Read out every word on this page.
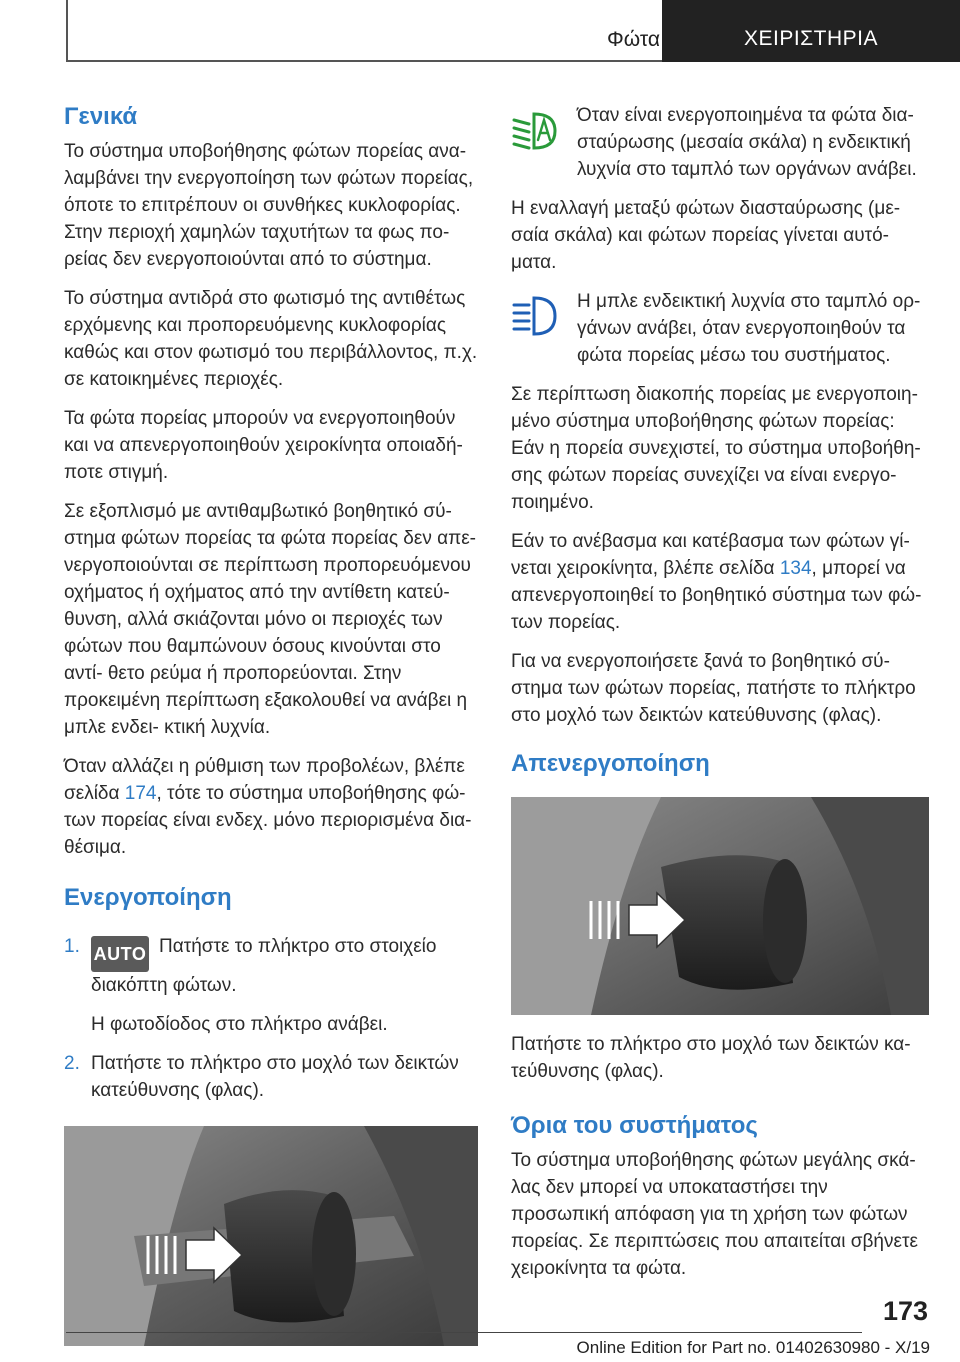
Φώτα	ΧΕΙΡΙΣΤΗΡΙΑ
Γενικά

Το σύστημα υποβοήθησης φώτων πορείας ανα- λαμβάνει την ενεργοποίηση των φώτων πορείας, όποτε το επιτρέπουν οι συνθήκες κυκλοφορίας. Στην περιοχή χαμηλών ταχυτήτων τα φως πο- ρείας δεν ενεργοποιούνται από το σύστημα.

Το σύστημα αντιδρά στο φωτισμό της αντιθέτως ερχόμενης και προπορευόμενης κυκλοφορίας καθώς και στον φωτισμό του περιβάλλοντος, π.χ. σε κατοικημένες περιοχές.

Τα φώτα πορείας μπορούν να ενεργοποιηθούν και να απενεργοποιηθούν χειροκίνητα οποιαδή- ποτε στιγμή.

Σε εξοπλισμό με αντιθαμβωτικό βοηθητικό σύ- στημα φώτων πορείας τα φώτα πορείας δεν απε- νεργοποιούνται σε περίπτωση προπορευόμενου οχήματος ή οχήματος από την αντίθετη κατεύ- θυνση, αλλά σκιάζονται μόνο οι περιοχές των φώτων που θαμπώνουν όσους κινούνται στο αντί- θετο ρεύμα ή προπορεύονται. Στην προκειμένη περίπτωση εξακολουθεί να ανάβει η μπλε ενδει- κτική λυχνία.

Όταν αλλάζει η ρύθμιση των προβολέων, βλέπε σελίδα 174, τότε το σύστημα υποβοήθησης φώ- των πορείας είναι ενδεχ. μόνο περιορισμένα δια- θέσιμα.

Ενεργοποίηση
1. AUTO Πατήστε το πλήκτρο στο στοιχείο διακόπτη φώτων.
Η φωτοδίοδος στο πλήκτρο ανάβει.
2. Πατήστε το πλήκτρο στο μοχλό των δεικτών κατεύθυνσης (φλας).
Όταν είναι ενεργοποιημένα τα φώτα δια- σταύρωσης (μεσαία σκάλα) η ενδεικτική λυχνία στο ταμπλό των οργάνων ανάβει.

Η εναλλαγή μεταξύ φώτων διασταύρωσης (με- σαία σκάλα) και φώτων πορείας γίνεται αυτό- ματα.

Η μπλε ενδεικτική λυχνία στο ταμπλό ορ- γάνων ανάβει, όταν ενεργοποιηθούν τα φώτα πορείας μέσω του συστήματος.

Σε περίπτωση διακοπής πορείας με ενεργοποιη- μένο σύστημα υποβοήθησης φώτων πορείας: Εάν η πορεία συνεχιστεί, το σύστημα υποβοήθη- σης φώτων πορείας συνεχίζει να είναι ενεργο- ποιημένο.

Εάν το ανέβασμα και κατέβασμα των φώτων γί- νεται χειροκίνητα, βλέπε σελίδα 134, μπορεί να απενεργοποιηθεί το βοηθητικό σύστημα των φώ- των πορείας.

Για να ενεργοποιήσετε ξανά το βοηθητικό σύ- στημα των φώτων πορείας, πατήστε το πλήκτρο στο μοχλό των δεικτών κατεύθυνσης (φλας).

Απενεργοποίηση

Πατήστε το πλήκτρο στο μοχλό των δεικτών κα- τεύθυνσης (φλας).

Όρια του συστήματος

Το σύστημα υποβοήθησης φώτων μεγάλης σκά- λας δεν μπορεί να υποκαταστήσει την προσωπική απόφαση για τη χρήση των φώτων πορείας. Σε περιπτώσεις που απαιτείται σβήνετε χειροκίνητα τα φώτα.

173
Online Edition for Part no. 01402630980 - X/19
